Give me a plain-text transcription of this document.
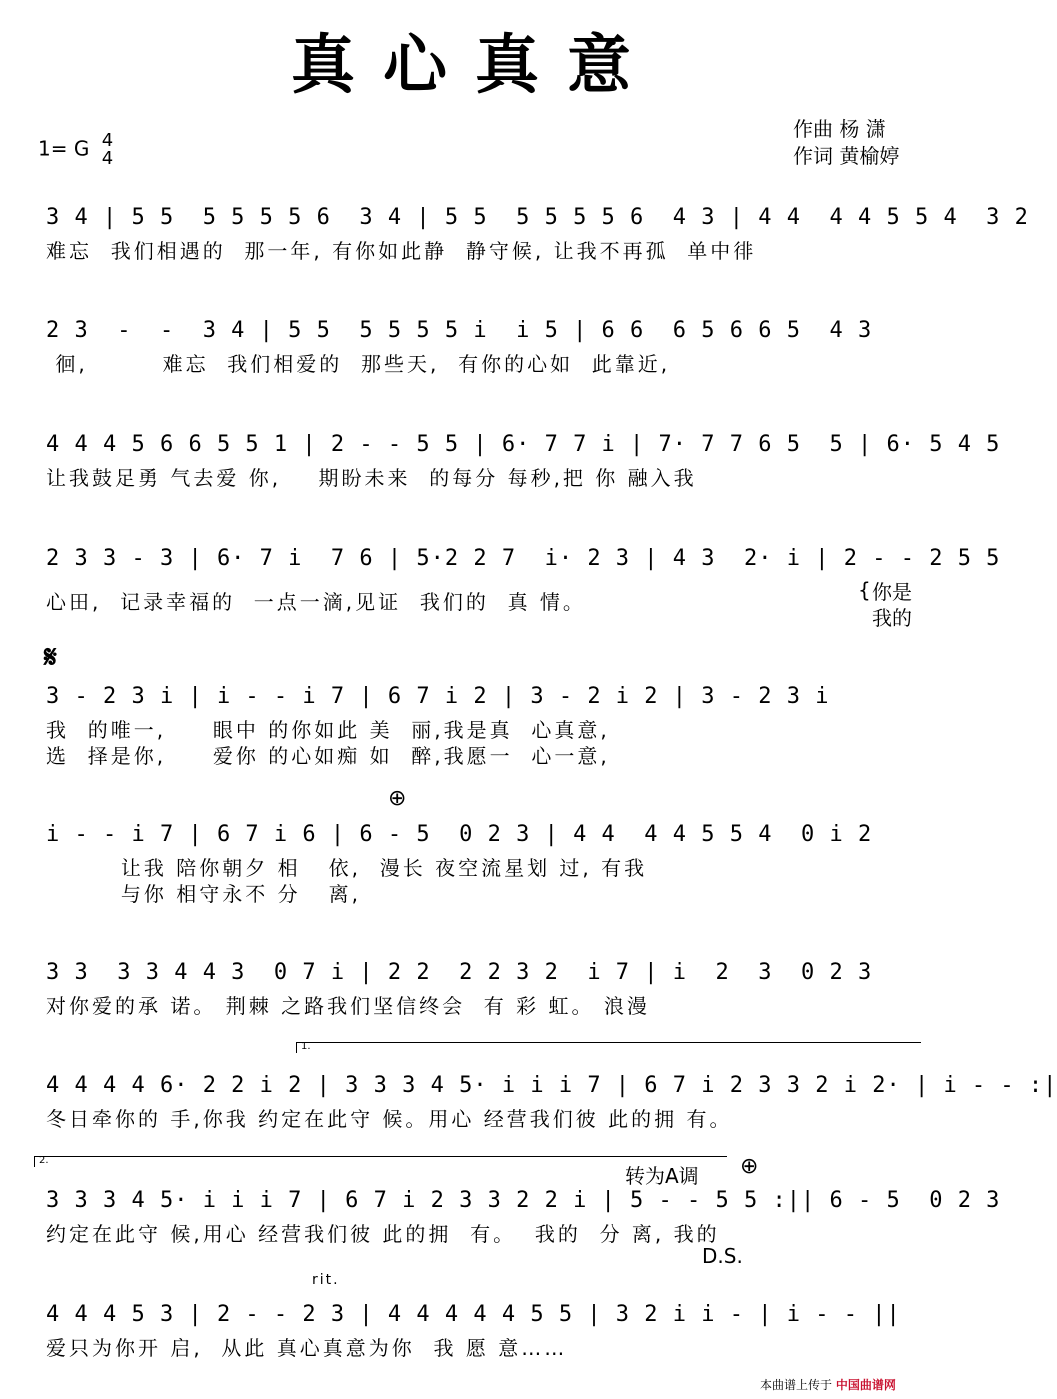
真心真意
1= G 4
4
作曲 杨 潇
作词 黄榆婷
3 4 | 5 5  5 5 5 5 6  3 4 | 5 5  5 5 5 5 6  4 3 | 4 4  4 4 5 5 4  3 2
难忘  我们相遇的  那一年, 有你如此静  静守候, 让我不再孤  单中徘
2 3  -  -  3 4 | 5 5  5 5 5 5 i  i 5 | 6 6  6 5 6 6 5  4 3
徊,        难忘  我们相爱的  那些天,  有你的心如  此靠近,
4 4 4 5 6 6 5 5 1 | 2 - - 5 5 | 6· 7 7 i | 7· 7 7 6 5  5 | 6· 5 4 5
让我鼓足勇 气去爱 你,    期盼未来  的每分 每秒,把 你 融入我
2 3 3 - 3 | 6· 7 i  7 6 | 5·2 2 7  i· 2 3 | 4 3  2· i | 2 - - 2 5 5
心田,  记录幸福的  一点一滴,见证  我们的  真 情。	{ 你是
我的
𝄋
3 - 2 3 i | i - - i 7 | 6 7 i 2 | 3 - 2 i 2 | 3 - 2 3 i
我  的唯一,     眼中 的你如此 美  丽,我是真  心真意,
选  择是你,     爱你 的心如痴 如  醉,我愿一  心一意,
⊕
i - - i 7 | 6 7 i 6 | 6 - 5  0 2 3 | 4 4  4 4 5 5 4  0 i 2
让我 陪你朝夕 相   依,  漫长 夜空流星划 过, 有我
与你 相守永不 分   离,
3 3  3 3 4 4 3  0 7 i | 2 2  2 2 3 2  i 7 | i  2  3  0 2 3
对你爱的承 诺。 荆棘 之路我们坚信终会  有 彩 虹。 浪漫
1.
4 4 4 4 6· 2 2 i 2 | 3 3 3 4 5· i i i 7 | 6 7 i 2 3 3 2 i 2· | i - - :|
冬日牵你的 手,你我 约定在此守 候。用心 经营我们彼 此的拥 有。
2.
转为A调 ⊕
3 3 3 4 5· i i i 7 | 6 7 i 2 3 3 2 2 i | 5 - - 5 5 :|| 6 - 5  0 2 3
约定在此守 候,用心 经营我们彼 此的拥  有。  我的  分 离, 我的
D.S.
rit.
4 4 4 5 3 | 2 - - 2 3 | 4 4 4 4 4 5 5 | 3 2 i i - | i - - ||
爱只为你开 启,  从此 真心真意为你  我 愿 意……
本曲谱上传于 中国曲谱网
